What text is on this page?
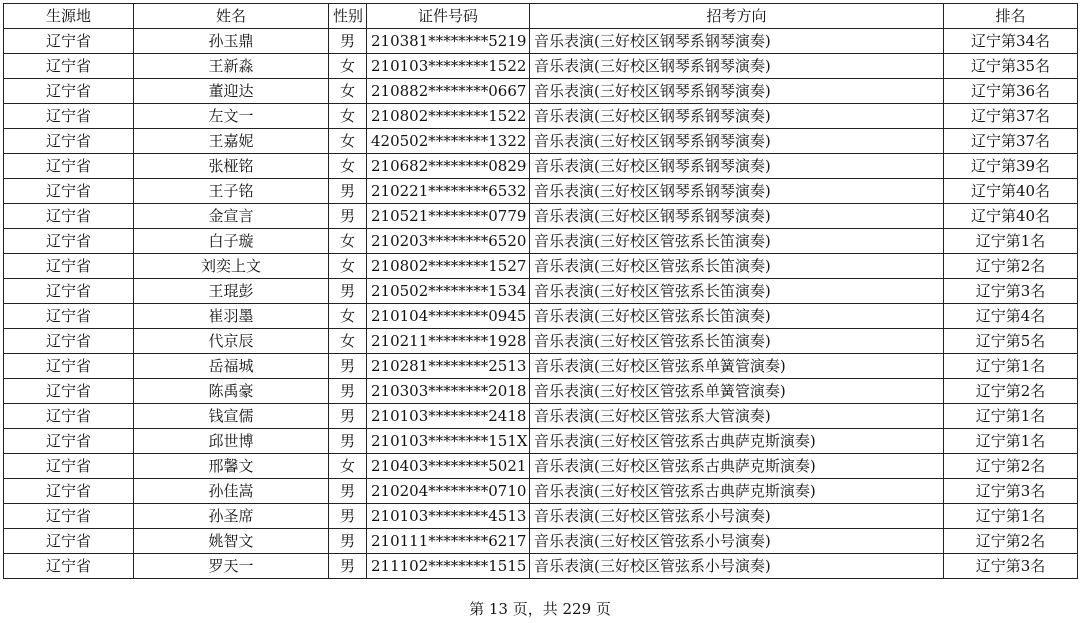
生源地	姓名	性别	证件号码	招考方向	排名
辽宁省	孙玉鼎	男	210381********5219	音乐表演(三好校区钢琴系钢琴演奏)	辽宁第34名
辽宁省	王新淼	女	210103********1522	音乐表演(三好校区钢琴系钢琴演奏)	辽宁第35名
辽宁省	董迎达	女	210882********0667	音乐表演(三好校区钢琴系钢琴演奏)	辽宁第36名
辽宁省	左文一	女	210802********1522	音乐表演(三好校区钢琴系钢琴演奏)	辽宁第37名
辽宁省	王嘉妮	女	420502********1322	音乐表演(三好校区钢琴系钢琴演奏)	辽宁第37名
辽宁省	张桠铭	女	210682********0829	音乐表演(三好校区钢琴系钢琴演奏)	辽宁第39名
辽宁省	王子铭	男	210221********6532	音乐表演(三好校区钢琴系钢琴演奏)	辽宁第40名
辽宁省	金宣言	男	210521********0779	音乐表演(三好校区钢琴系钢琴演奏)	辽宁第40名
辽宁省	白子璇	女	210203********6520	音乐表演(三好校区管弦系长笛演奏)	辽宁第1名
辽宁省	刘奕上文	女	210802********1527	音乐表演(三好校区管弦系长笛演奏)	辽宁第2名
辽宁省	王琨彭	男	210502********1534	音乐表演(三好校区管弦系长笛演奏)	辽宁第3名
辽宁省	崔羽墨	女	210104********0945	音乐表演(三好校区管弦系长笛演奏)	辽宁第4名
辽宁省	代京辰	女	210211********1928	音乐表演(三好校区管弦系长笛演奏)	辽宁第5名
辽宁省	岳福城	男	210281********2513	音乐表演(三好校区管弦系单簧管演奏)	辽宁第1名
辽宁省	陈禹豪	男	210303********2018	音乐表演(三好校区管弦系单簧管演奏)	辽宁第2名
辽宁省	钱宣儒	男	210103********2418	音乐表演(三好校区管弦系大管演奏)	辽宁第1名
辽宁省	邱世博	男	210103********151X	音乐表演(三好校区管弦系古典萨克斯演奏)	辽宁第1名
辽宁省	邢馨文	女	210403********5021	音乐表演(三好校区管弦系古典萨克斯演奏)	辽宁第2名
辽宁省	孙佳嵩	男	210204********0710	音乐表演(三好校区管弦系古典萨克斯演奏)	辽宁第3名
辽宁省	孙圣席	男	210103********4513	音乐表演(三好校区管弦系小号演奏)	辽宁第1名
辽宁省	姚智文	男	210111********6217	音乐表演(三好校区管弦系小号演奏)	辽宁第2名
辽宁省	罗天一	男	211102********1515	音乐表演(三好校区管弦系小号演奏)	辽宁第3名
第 13 页，共 229 页
